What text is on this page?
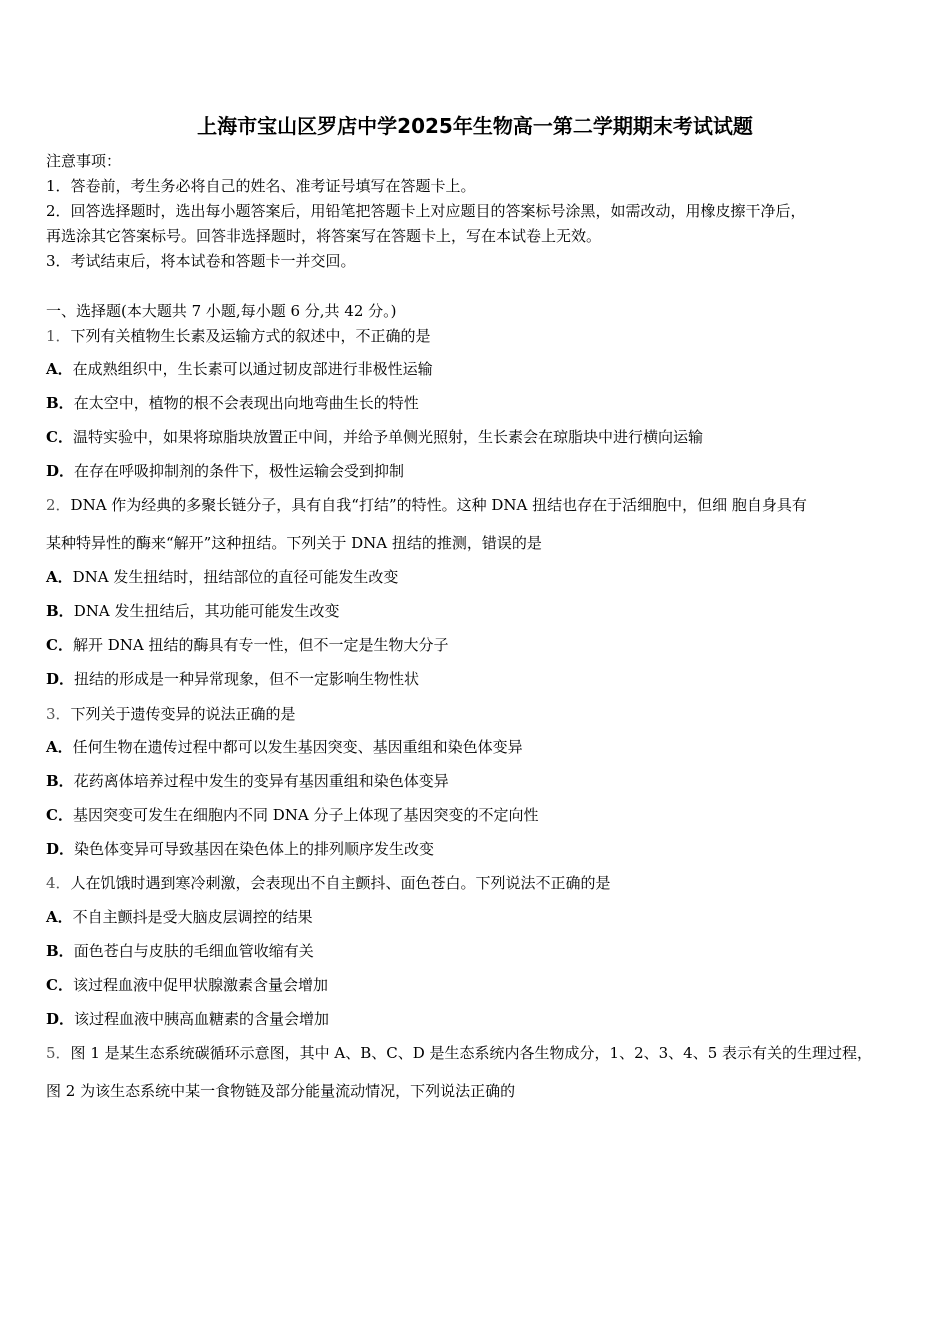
上海市宝山区罗店中学2025年生物高一第二学期期末考试试题
注意事项：
1．答卷前，考生务必将自己的姓名、准考证号填写在答题卡上。
2．回答选择题时，选出每小题答案后，用铅笔把答题卡上对应题目的答案标号涂黑，如需改动，用橡皮擦干净后，
再选涂其它答案标号。回答非选择题时，将答案写在答题卡上，写在本试卷上无效。
3．考试结束后，将本试卷和答题卡一并交回。
一、选择题(本大题共 7 小题,每小题 6 分,共 42 分。)
1．下列有关植物生长素及运输方式的叙述中，不正确的是
A．在成熟组织中，生长素可以通过韧皮部进行非极性运输
B．在太空中，植物的根不会表现出向地弯曲生长的特性
C．温特实验中，如果将琼脂块放置正中间，并给予单侧光照射，生长素会在琼脂块中进行横向运输
D．在存在呼吸抑制剂的条件下，极性运输会受到抑制
2．DNA 作为经典的多聚长链分子，具有自我“打结”的特性。这种 DNA 扭结也存在于活细胞中，但细 胞自身具有
某种特异性的酶来“解开”这种扭结。下列关于 DNA 扭结的推测，错误的是
A．DNA 发生扭结时，扭结部位的直径可能发生改变
B．DNA 发生扭结后，其功能可能发生改变
C．解开 DNA 扭结的酶具有专一性，但不一定是生物大分子
D．扭结的形成是一种异常现象，但不一定影响生物性状
3．下列关于遗传变异的说法正确的是
A．任何生物在遗传过程中都可以发生基因突变、基因重组和染色体变异
B．花药离体培养过程中发生的变异有基因重组和染色体变异
C．基因突变可发生在细胞内不同 DNA 分子上体现了基因突变的不定向性
D．染色体变异可导致基因在染色体上的排列顺序发生改变
4．人在饥饿时遇到寒冷刺激，会表现出不自主颤抖、面色苍白。下列说法不正确的是
A．不自主颤抖是受大脑皮层调控的结果
B．面色苍白与皮肤的毛细血管收缩有关
C．该过程血液中促甲状腺激素含量会增加
D．该过程血液中胰高血糖素的含量会增加
5．图 1 是某生态系统碳循环示意图，其中 A、B、C、D 是生态系统内各生物成分，1、2、3、4、5 表示有关的生理过程，
图 2 为该生态系统中某一食物链及部分能量流动情况，下列说法正确的
